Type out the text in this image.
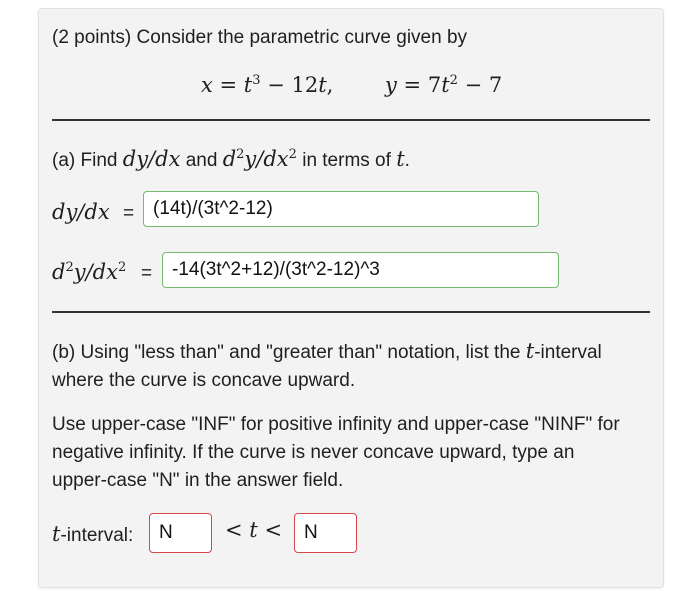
(2 points) Consider the parametric curve given by
$x = t^3 - 12t$, $y = 7t^2 - 7$
(a) Find dy/dx and $d^2y/dx^2$ in terms of t.
dy/dx = (14t)/(3t^2-12)
$d^2y/dx^2$ =	-14(3t^2+12)/(3t^2-12)^3
(b) Using "less than" and "greater than" notation, list the t-interval
where the curve is concave upward.
Use upper-case "INF" for positive infinity and upper-case "NINF" for
negative infinity. If the curve is never concave upward, type an
upper-case "N" in the answer field.
t-interval:	N	< t <	N
